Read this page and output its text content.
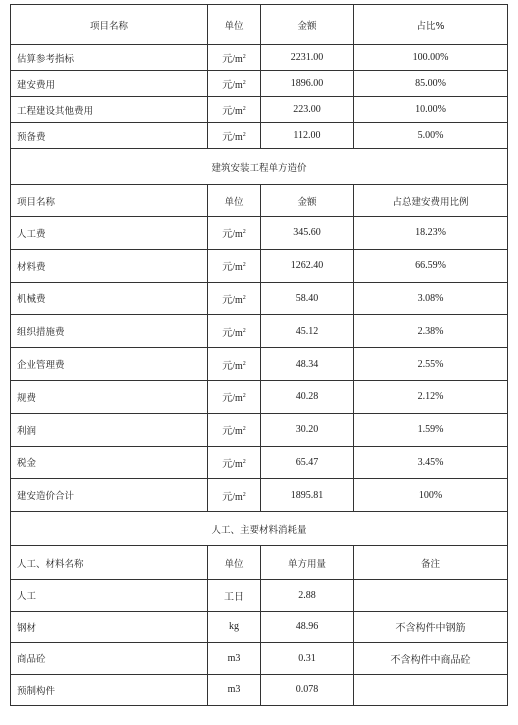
项目名称	单位	金额	占比%
估算参考指标	元$/m^2$	2231.00	100.00%
建安费用	元$/m^2$	1896.00	85.00%
工程建设其他费用	元$/m^2$	223.00	10.00%
预备费	元$/m^2$	112.00	5.00%
建筑安装工程单方造价			
项目名称	单位	金额	占总建安费用比例
人工费	元$/m^2$	345.60	18.23%
材料费	元$/m^2$	1262.40	66.59%
机械费	元$/m^2$	58.40	3.08%
组织措施费	元$/m^2$	45.12	2.38%
企业管理费	元$/m^2$	48.34	2.55%
规费	元$/m^2$	40.28	2.12%
利润	元$/m^2$	30.20	1.59%
税金	元$/m^2$	65.47	3.45%
建安造价合计	元$/m^2$	1895.81	100%
人工、主要材料消耗量			
人工、材料名称	单位	单方用量	备注
人工	工日	2.88	
钢材	kg	48.96	不含构件中钢筋
商品砼	m3	0.31	不含构件中商品砼
预制构件	m3	0.078	
